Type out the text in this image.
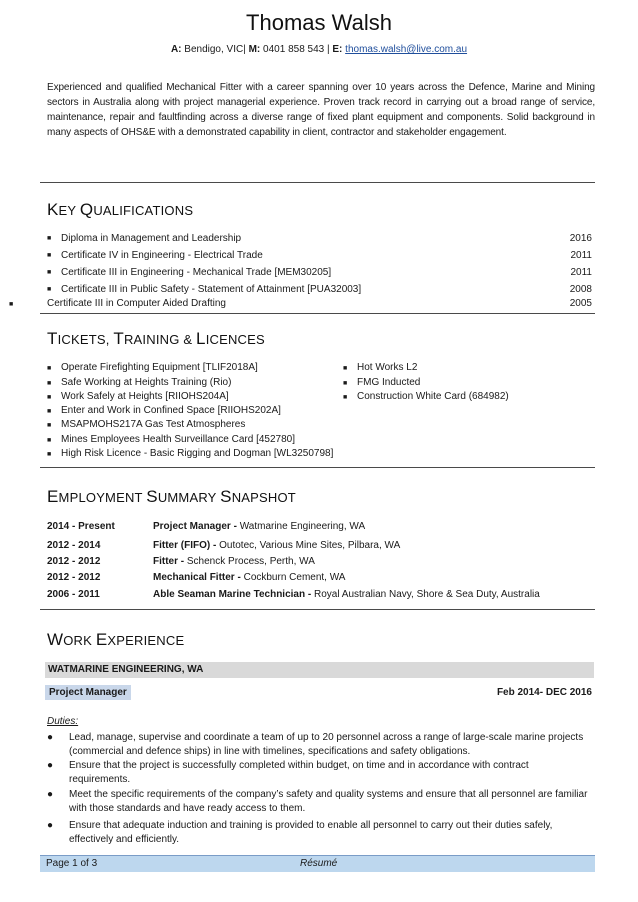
Thomas Walsh
A: Bendigo, VIC| M: 0401 858 543 | E: thomas.walsh@live.com.au
Experienced and qualified Mechanical Fitter with a career spanning over 10 years across the Defence, Marine and Mining sectors in Australia along with project managerial experience. Proven track record in carrying out a broad range of service, maintenance, repair and faultfinding across a diverse range of fixed plant equipment and components. Solid background in many aspects of OHS&E with a demonstrated capability in client, contractor and stakeholder engagement.
KEY QUALIFICATIONS
■ Diploma in Management and Leadership	2016
■ Certificate IV in Engineering - Electrical Trade	2011
■ Certificate III in Engineering - Mechanical Trade [MEM30205]	2011
■ Certificate III in Public Safety - Statement of Attainment [PUA32003]	2008
■	Certificate III in Computer Aided Drafting	2005
TICKETS, TRAINING & LICENCES
■ Operate Firefighting Equipment [TLIF2018A]
■ Safe Working at Heights Training (Rio)
■ Work Safely at Heights [RIIOHS204A]
■ Enter and Work in Confined Space [RIIOHS202A]
■ MSAPMOHS217A Gas Test Atmospheres
■ Mines Employees Health Surveillance Card [452780]
■ High Risk Licence - Basic Rigging and Dogman [WL3250798]
■ Hot Works L2
■ FMG Inducted
■ Construction White Card (684982)
EMPLOYMENT SUMMARY SNAPSHOT
2014 - Present	Project Manager - Watmarine Engineering, WA
2012 - 2014	Fitter (FIFO) - Outotec, Various Mine Sites, Pilbara, WA
2012 - 2012	Fitter - Schenck Process, Perth, WA
2012 - 2012	Mechanical Fitter - Cockburn Cement, WA
2006 - 2011	Able Seaman Marine Technician - Royal Australian Navy, Shore & Sea Duty, Australia
WORK EXPERIENCE
WATMARINE ENGINEERING, WA
Project Manager	Feb 2014- DEC 2016
Duties:
●	Lead, manage, supervise and coordinate a team of up to 20 personnel across a range of large-scale marine projects (commercial and defence ships) in line with timelines, specifications and safety obligations.
●	Ensure that the project is successfully completed within budget, on time and in accordance with contract requirements.
●	Meet the specific requirements of the company’s safety and quality systems and ensure that all personnel are familiar with those standards and have ready access to them.
●	Ensure that adequate induction and training is provided to enable all personnel to carry out their duties safely, effectively and efficiently.
Page 1 of 3	Résumé
